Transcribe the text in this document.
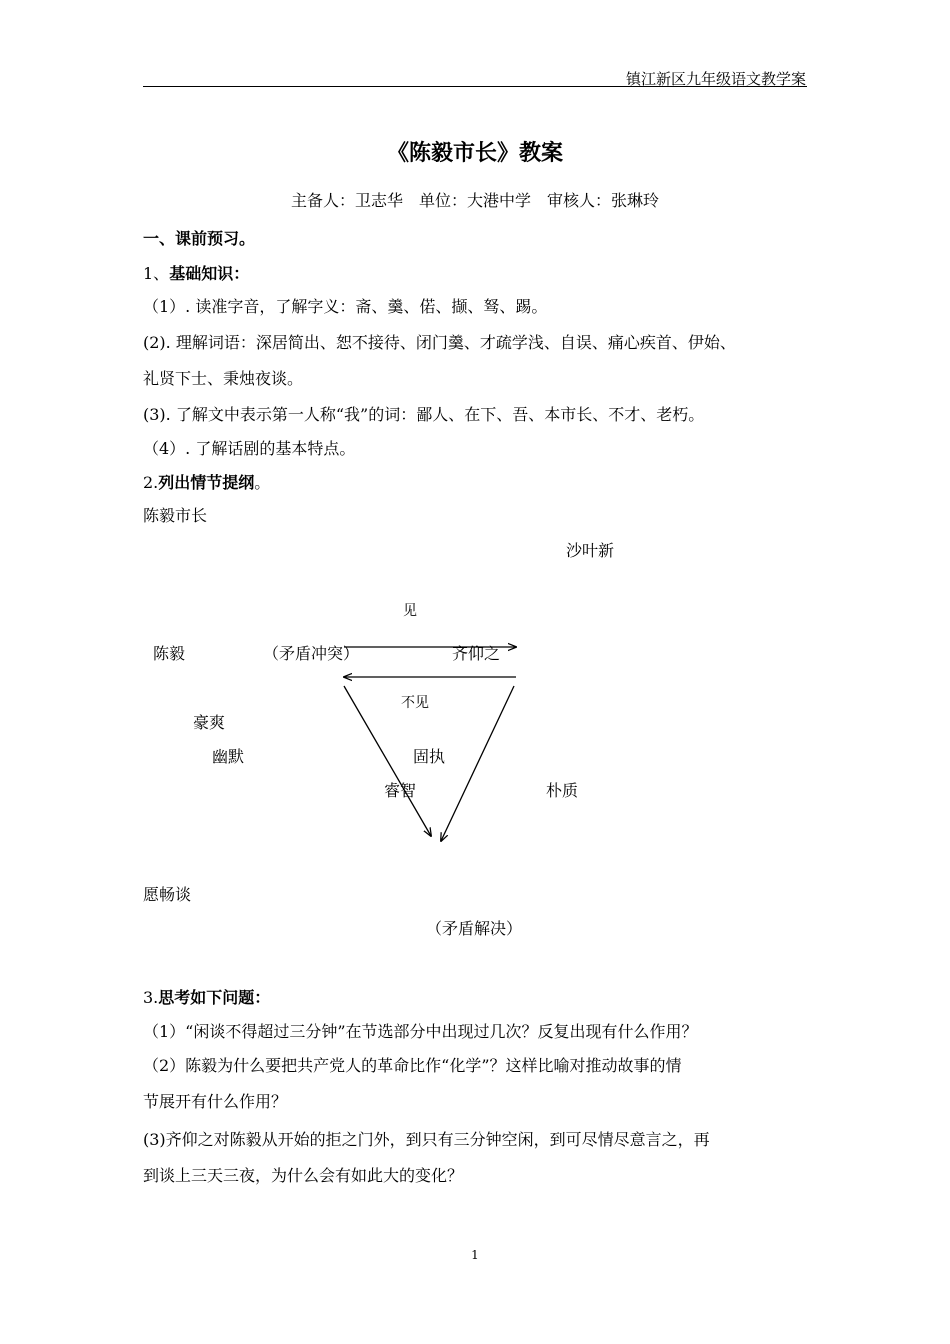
镇江新区九年级语文教学案
《陈毅市长》教案
主备人：卫志华　单位：大港中学　审核人：张琳玲
一、课前预习。
1、基础知识：
（1）. 读准字音，了解字义：斋、羹、偌、撷、驽、踢。
(2). 理解词语：深居简出、恕不接待、闭门羹、才疏学浅、自误、痛心疾首、伊始、
礼贤下士、秉烛夜谈。
(3). 了解文中表示第一人称“我”的词：鄙人、在下、吾、本市长、不才、老朽。
（4）. 了解话剧的基本特点。
2.列出情节提纲。
陈毅市长
沙叶新
见
陈毅	（矛盾冲突）	齐仰之
不见
豪爽
幽默	固执
睿智	朴质
愿畅谈
（矛盾解决）
3.思考如下问题：
（1）“闲谈不得超过三分钟”在节选部分中出现过几次？反复出现有什么作用？
（2）陈毅为什么要把共产党人的革命比作“化学”？这样比喻对推动故事的情
节展开有什么作用？
(3)齐仰之对陈毅从开始的拒之门外，到只有三分钟空闲，到可尽情尽意言之，再
到谈上三天三夜，为什么会有如此大的变化？
1
